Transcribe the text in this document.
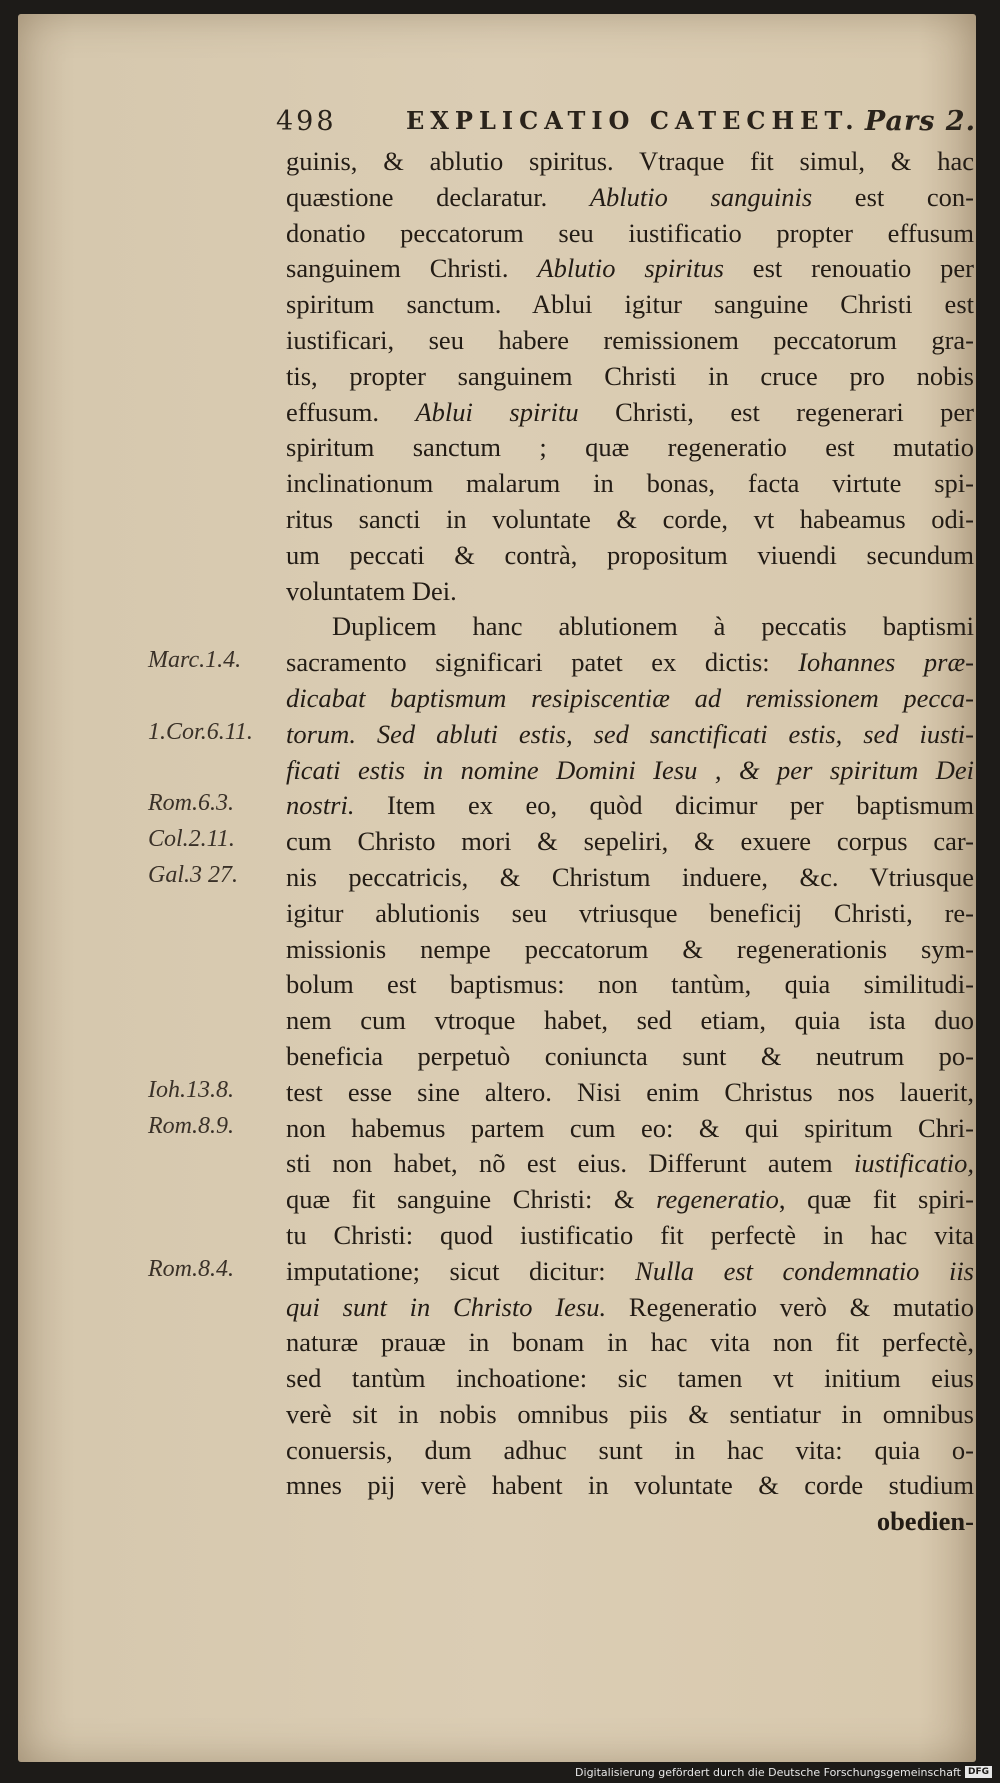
498	EXPLICATIO CATECHET. Pars 2.
guinis, & ablutio spiritus. Vtraque fit simul, & hac
quæstione declaratur. Ablutio sanguinis est con-
donatio peccatorum seu iustificatio propter effusum
sanguinem Christi. Ablutio spiritus est renouatio per
spiritum sanctum. Ablui igitur sanguine Christi est
iustificari, seu habere remissionem peccatorum gra-
tis, propter sanguinem Christi in cruce pro nobis
effusum. Ablui spiritu Christi, est regenerari per
spiritum sanctum ; quæ regeneratio est mutatio
inclinationum malarum in bonas, facta virtute spi-
ritus sancti in voluntate & corde, vt habeamus odi-
um peccati & contrà, propositum viuendi secundum
voluntatem Dei.
Duplicem hanc ablutionem à peccatis baptismi
sacramento significari patet ex dictis: Iohannes præ-
dicabat baptismum resipiscentiæ ad remissionem pecca-
torum. Sed abluti estis, sed sanctificati estis, sed iusti-
ficati estis in nomine Domini Iesu , & per spiritum Dei
nostri. Item ex eo, quòd dicimur per baptismum
cum Christo mori & sepeliri, & exuere corpus car-
nis peccatricis, & Christum induere, &c. Vtriusque
igitur ablutionis seu vtriusque beneficij Christi, re-
missionis nempe peccatorum & regenerationis sym-
bolum est baptismus: non tantùm, quia similitudi-
nem cum vtroque habet, sed etiam, quia ista duo
beneficia perpetuò coniuncta sunt & neutrum po-
test esse sine altero. Nisi enim Christus nos lauerit,
non habemus partem cum eo: & qui spiritum Chri-
sti non habet, nõ est eius. Differunt autem iustificatio,
quæ fit sanguine Christi: & regeneratio, quæ fit spiri-
tu Christi: quod iustificatio fit perfectè in hac vita
imputatione; sicut dicitur: Nulla est condemnatio iis
qui sunt in Christo Iesu. Regeneratio verò & mutatio
naturæ prauæ in bonam in hac vita non fit perfectè,
sed tantùm inchoatione: sic tamen vt initium eius
verè sit in nobis omnibus piis & sentiatur in omnibus
conuersis, dum adhuc sunt in hac vita: quia o-
mnes pij verè habent in voluntate & corde studium
obedien-
Marc.1.4.
1.Cor.6.11.
Rom.6.3.
Col.2.11.
Gal.3 27.
Ioh.13.8.
Rom.8.9.
Rom.8.4.
Digitalisierung gefördert durch die Deutsche Forschungsgemeinschaft DFG
